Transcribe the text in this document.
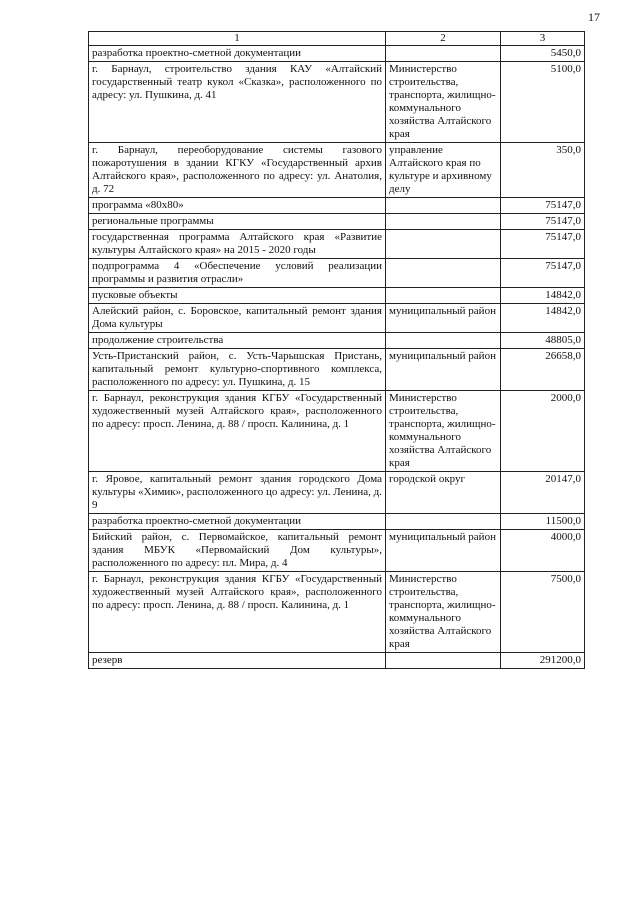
17
1	2	3
разработка проектно-сметной документации		5450,0
г. Барнаул, строительство здания КАУ «Алтайский государственный театр кукол «Сказка», расположенного по адресу: ул. Пушкина, д. 41	Министерство строительства, транспорта, жилищно-коммунального хозяйства Алтайского края	5100,0
г. Барнаул, переоборудование системы газового пожаротушения в здании КГКУ «Государственный архив Алтайского края», расположенного по адресу: ул. Анатолия, д. 72	управление Алтайского края по культуре и архивному делу	350,0
программа «80х80»		75147,0
региональные программы		75147,0
государственная программа Алтайского края «Развитие культуры Алтайского края» на 2015 - 2020 годы		75147,0
подпрограмма 4 «Обеспечение условий реализации программы и развития отрасли»		75147,0
пусковые объекты		14842,0
Алейский район, с. Боровское, капитальный ремонт здания Дома культуры	муниципальный район	14842,0
продолжение строительства		48805,0
Усть-Пристанский район, с. Усть-Чарышская Пристань, капитальный ремонт культурно-спортивного комплекса, расположенного по адресу: ул. Пушкина, д. 15	муниципальный район	26658,0
г. Барнаул, реконструкция здания КГБУ «Государственный художественный музей Алтайского края», расположенного по адресу: просп. Ленина, д. 88 / просп. Калинина, д. 1	Министерство строительства, транспорта, жилищно-коммунального хозяйства Алтайского края	2000,0
г. Яровое, капитальный ремонт здания городского Дома культуры «Химик», расположенного цо адресу: ул. Ленина, д. 9	городской округ	20147,0
разработка проектно-сметной документации		11500,0
Бийский район, с. Первомайское, капитальный ремонт здания МБУК «Первомайский Дом культуры», расположенного по адресу: пл. Мира, д. 4	муниципальный район	4000,0
г. Барнаул, реконструкция здания КГБУ «Государственный художественный музей Алтайского края», расположенного по адресу: просп. Ленина, д. 88 / просп. Калинина, д. 1	Министерство строительства, транспорта, жилищно-коммунального хозяйства Алтайского края	7500,0
резерв		291200,0
